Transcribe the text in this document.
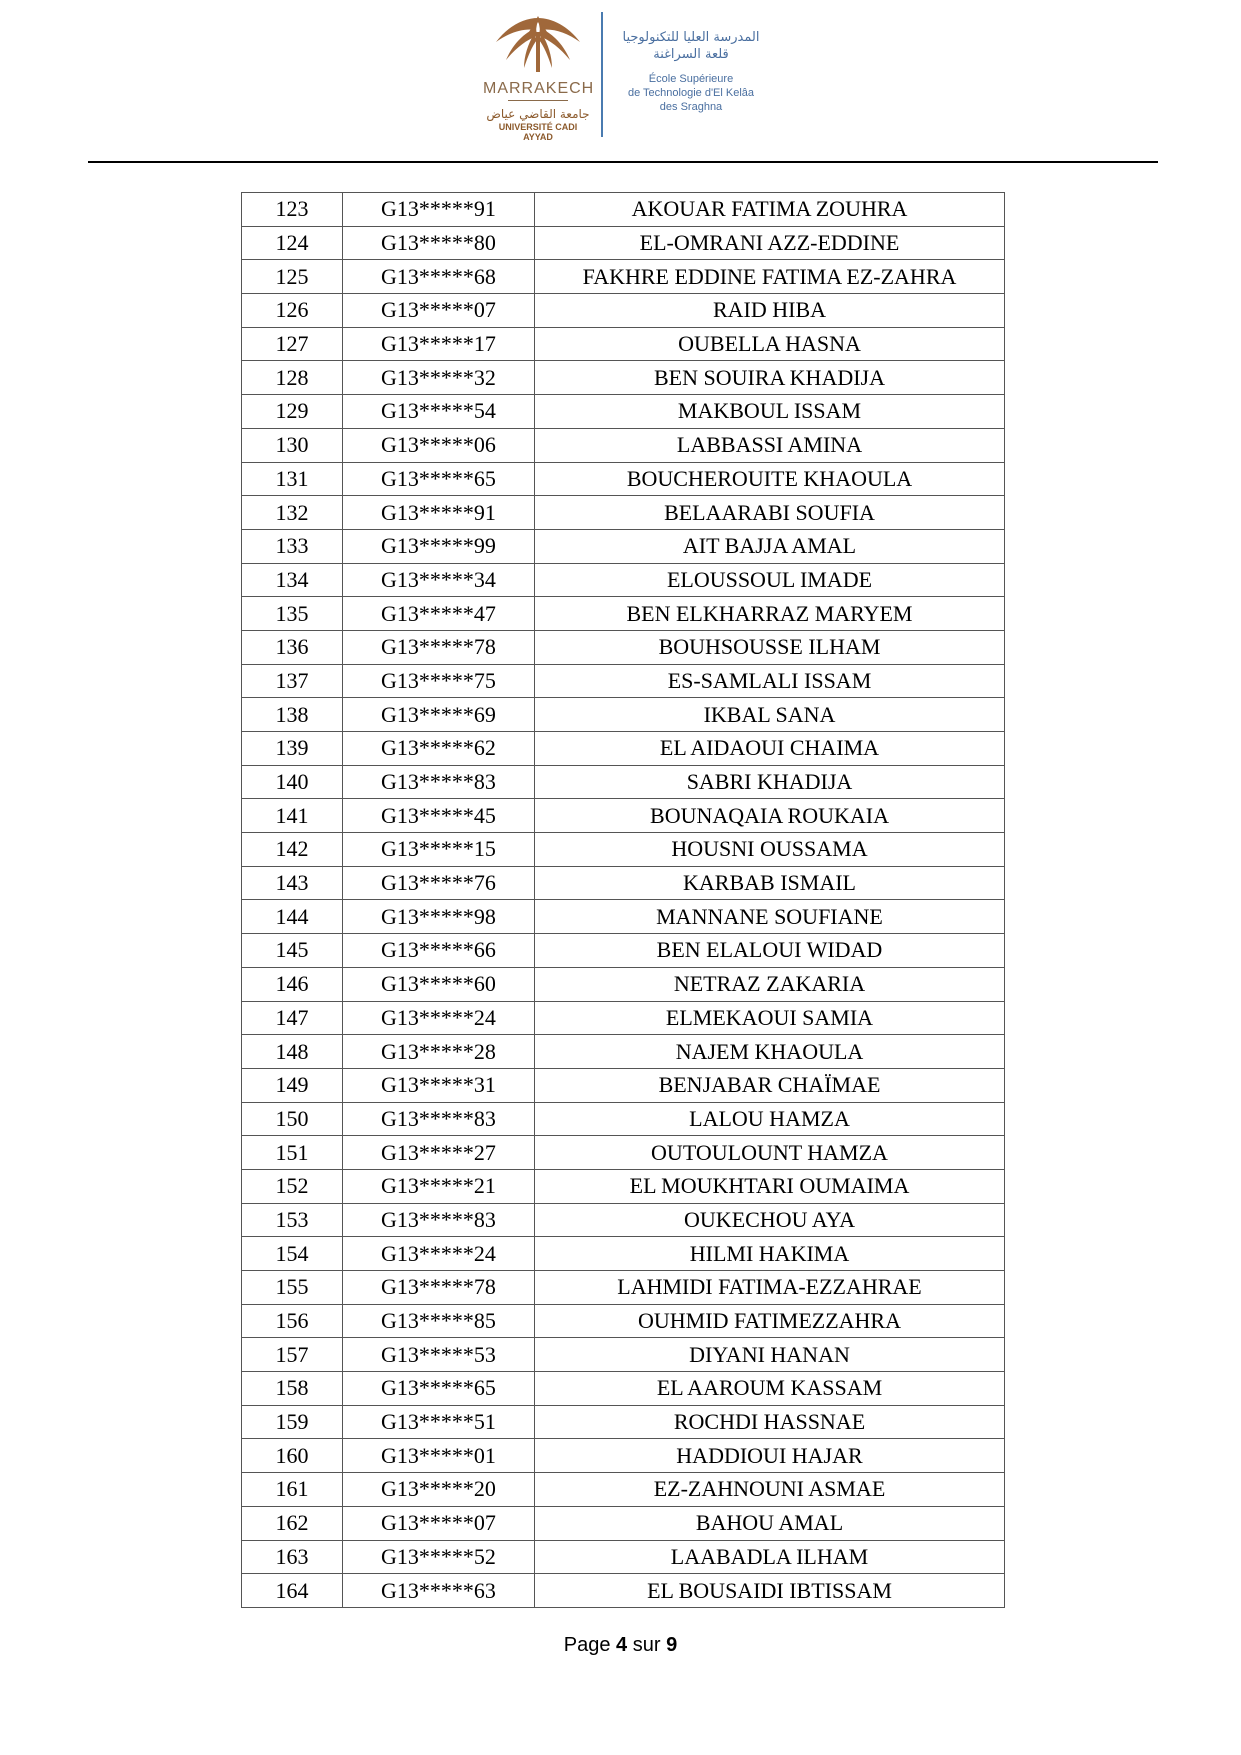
MARRAKECH
جامعة القاضي عياض
UNIVERSITÉ CADI AYYAD
المدرسة العليا للتكنولوجيا
قلعة السراغنة
École Supérieure
de Technologie d'El Kelâa
des Sraghna
123	G13*****91	AKOUAR FATIMA ZOUHRA
124	G13*****80	EL-OMRANI AZZ-EDDINE
125	G13*****68	FAKHRE EDDINE FATIMA EZ-ZAHRA
126	G13*****07	RAID HIBA
127	G13*****17	OUBELLA HASNA
128	G13*****32	BEN SOUIRA KHADIJA
129	G13*****54	MAKBOUL ISSAM
130	G13*****06	LABBASSI AMINA
131	G13*****65	BOUCHEROUITE KHAOULA
132	G13*****91	BELAARABI SOUFIA
133	G13*****99	AIT BAJJA AMAL
134	G13*****34	ELOUSSOUL IMADE
135	G13*****47	BEN ELKHARRAZ MARYEM
136	G13*****78	BOUHSOUSSE ILHAM
137	G13*****75	ES-SAMLALI ISSAM
138	G13*****69	IKBAL SANA
139	G13*****62	EL AIDAOUI CHAIMA
140	G13*****83	SABRI KHADIJA
141	G13*****45	BOUNAQAIA ROUKAIA
142	G13*****15	HOUSNI OUSSAMA
143	G13*****76	KARBAB ISMAIL
144	G13*****98	MANNANE SOUFIANE
145	G13*****66	BEN ELALOUI WIDAD
146	G13*****60	NETRAZ ZAKARIA
147	G13*****24	ELMEKAOUI SAMIA
148	G13*****28	NAJEM KHAOULA
149	G13*****31	BENJABAR CHAÏMAE
150	G13*****83	LALOU HAMZA
151	G13*****27	OUTOULOUNT HAMZA
152	G13*****21	EL MOUKHTARI OUMAIMA
153	G13*****83	OUKECHOU AYA
154	G13*****24	HILMI HAKIMA
155	G13*****78	LAHMIDI FATIMA-EZZAHRAE
156	G13*****85	OUHMID FATIMEZZAHRA
157	G13*****53	DIYANI HANAN
158	G13*****65	EL AAROUM KASSAM
159	G13*****51	ROCHDI HASSNAE
160	G13*****01	HADDIOUI HAJAR
161	G13*****20	EZ-ZAHNOUNI ASMAE
162	G13*****07	BAHOU AMAL
163	G13*****52	LAABADLA ILHAM
164	G13*****63	EL BOUSAIDI IBTISSAM
Page 4 sur 9
